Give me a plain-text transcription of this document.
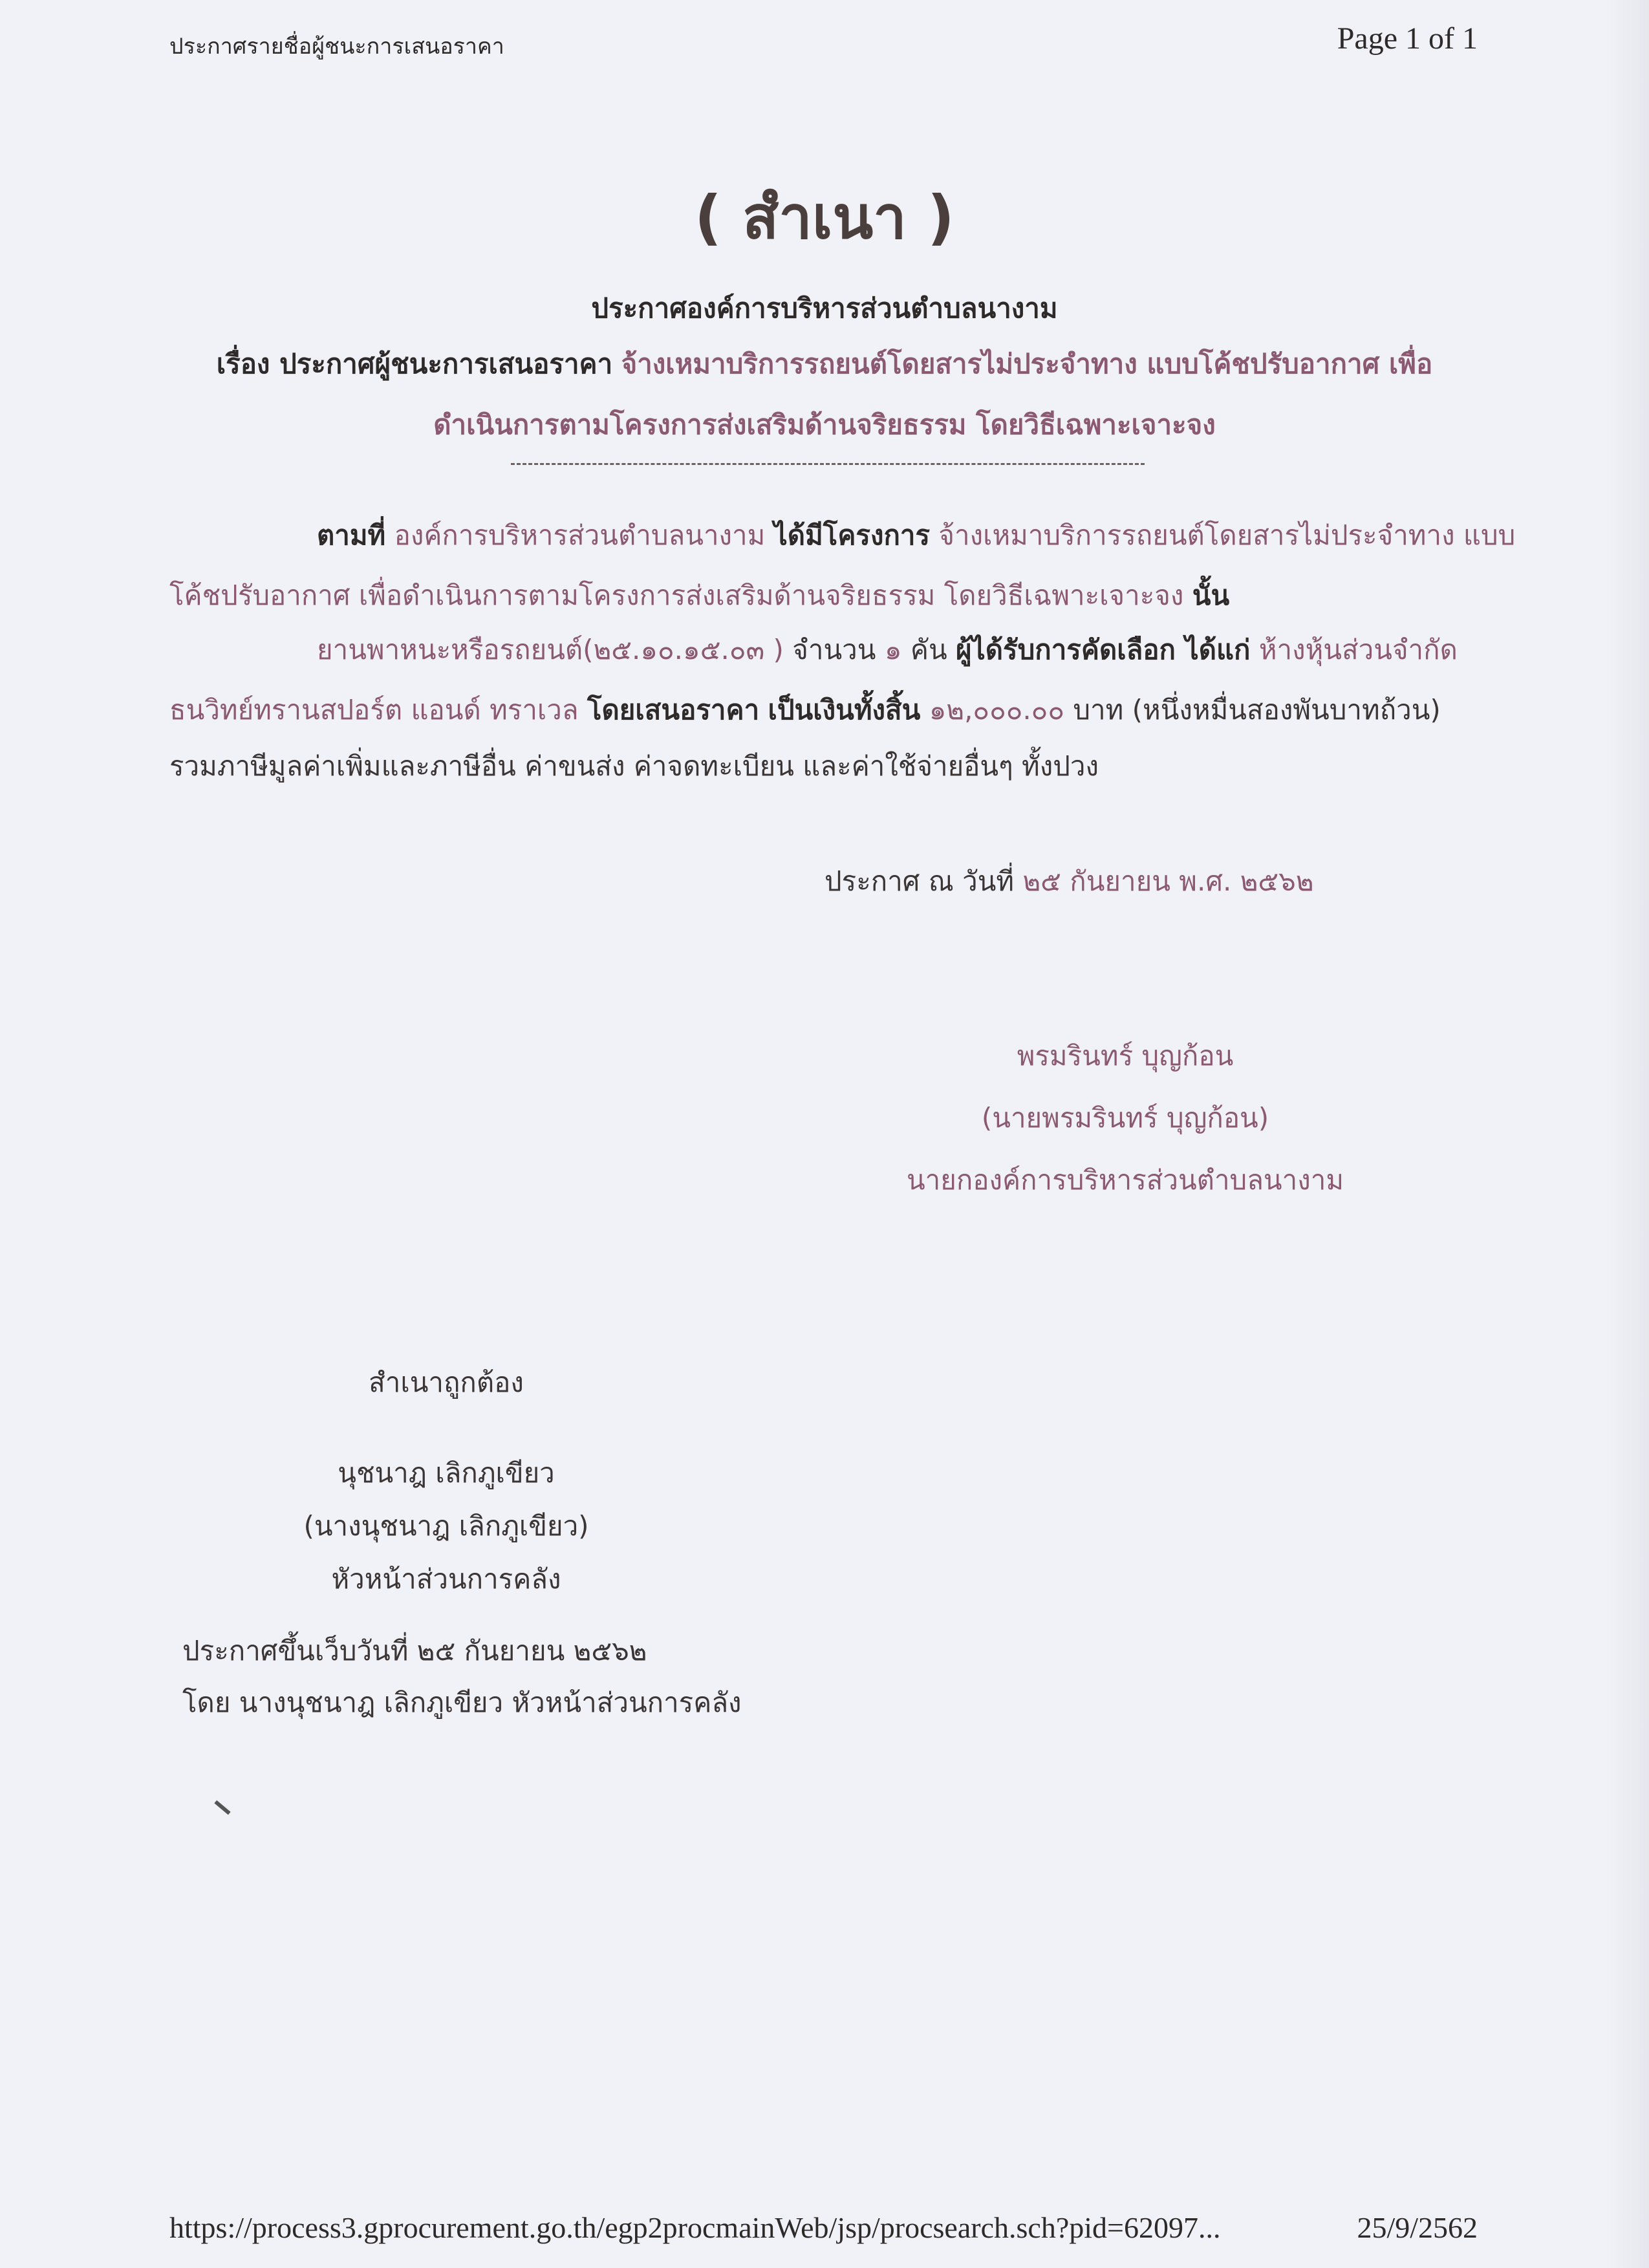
ประกาศรายชื่อผู้ชนะการเสนอราคา	Page 1 of 1
( สำเนา )
ประกาศองค์การบริหารส่วนตำบลนางาม
เรื่อง ประกาศผู้ชนะการเสนอราคา จ้างเหมาบริการรถยนต์โดยสารไม่ประจำทาง แบบโค้ชปรับอากาศ เพื่อ
ดำเนินการตามโครงการส่งเสริมด้านจริยธรรม โดยวิธีเฉพาะเจาะจง
ตามที่ องค์การบริหารส่วนตำบลนางาม ได้มีโครงการ จ้างเหมาบริการรถยนต์โดยสารไม่ประจำทาง แบบ
โค้ชปรับอากาศ เพื่อดำเนินการตามโครงการส่งเสริมด้านจริยธรรม โดยวิธีเฉพาะเจาะจง นั้น
ยานพาหนะหรือรถยนต์(๒๕.๑๐.๑๕.๐๓ ) จำนวน ๑ คัน ผู้ได้รับการคัดเลือก ได้แก่ ห้างหุ้นส่วนจำกัด
ธนวิทย์ทรานสปอร์ต แอนด์ ทราเวล โดยเสนอราคา เป็นเงินทั้งสิ้น ๑๒,๐๐๐.๐๐ บาท (หนึ่งหมื่นสองพันบาทถ้วน)
รวมภาษีมูลค่าเพิ่มและภาษีอื่น ค่าขนส่ง ค่าจดทะเบียน และค่าใช้จ่ายอื่นๆ ทั้งปวง
ประกาศ ณ วันที่ ๒๕ กันยายน พ.ศ. ๒๕๖๒
พรมรินทร์ บุญก้อน
(นายพรมรินทร์ บุญก้อน)
นายกองค์การบริหารส่วนตำบลนางาม
สำเนาถูกต้อง
นุชนาฎ เลิกภูเขียว
(นางนุชนาฎ เลิกภูเขียว)
หัวหน้าส่วนการคลัง
ประกาศขึ้นเว็บวันที่ ๒๕ กันยายน ๒๕๖๒
โดย นางนุชนาฎ เลิกภูเขียว หัวหน้าส่วนการคลัง
https://process3.gprocurement.go.th/egp2procmainWeb/jsp/procsearch.sch?pid=62097...	25/9/2562
